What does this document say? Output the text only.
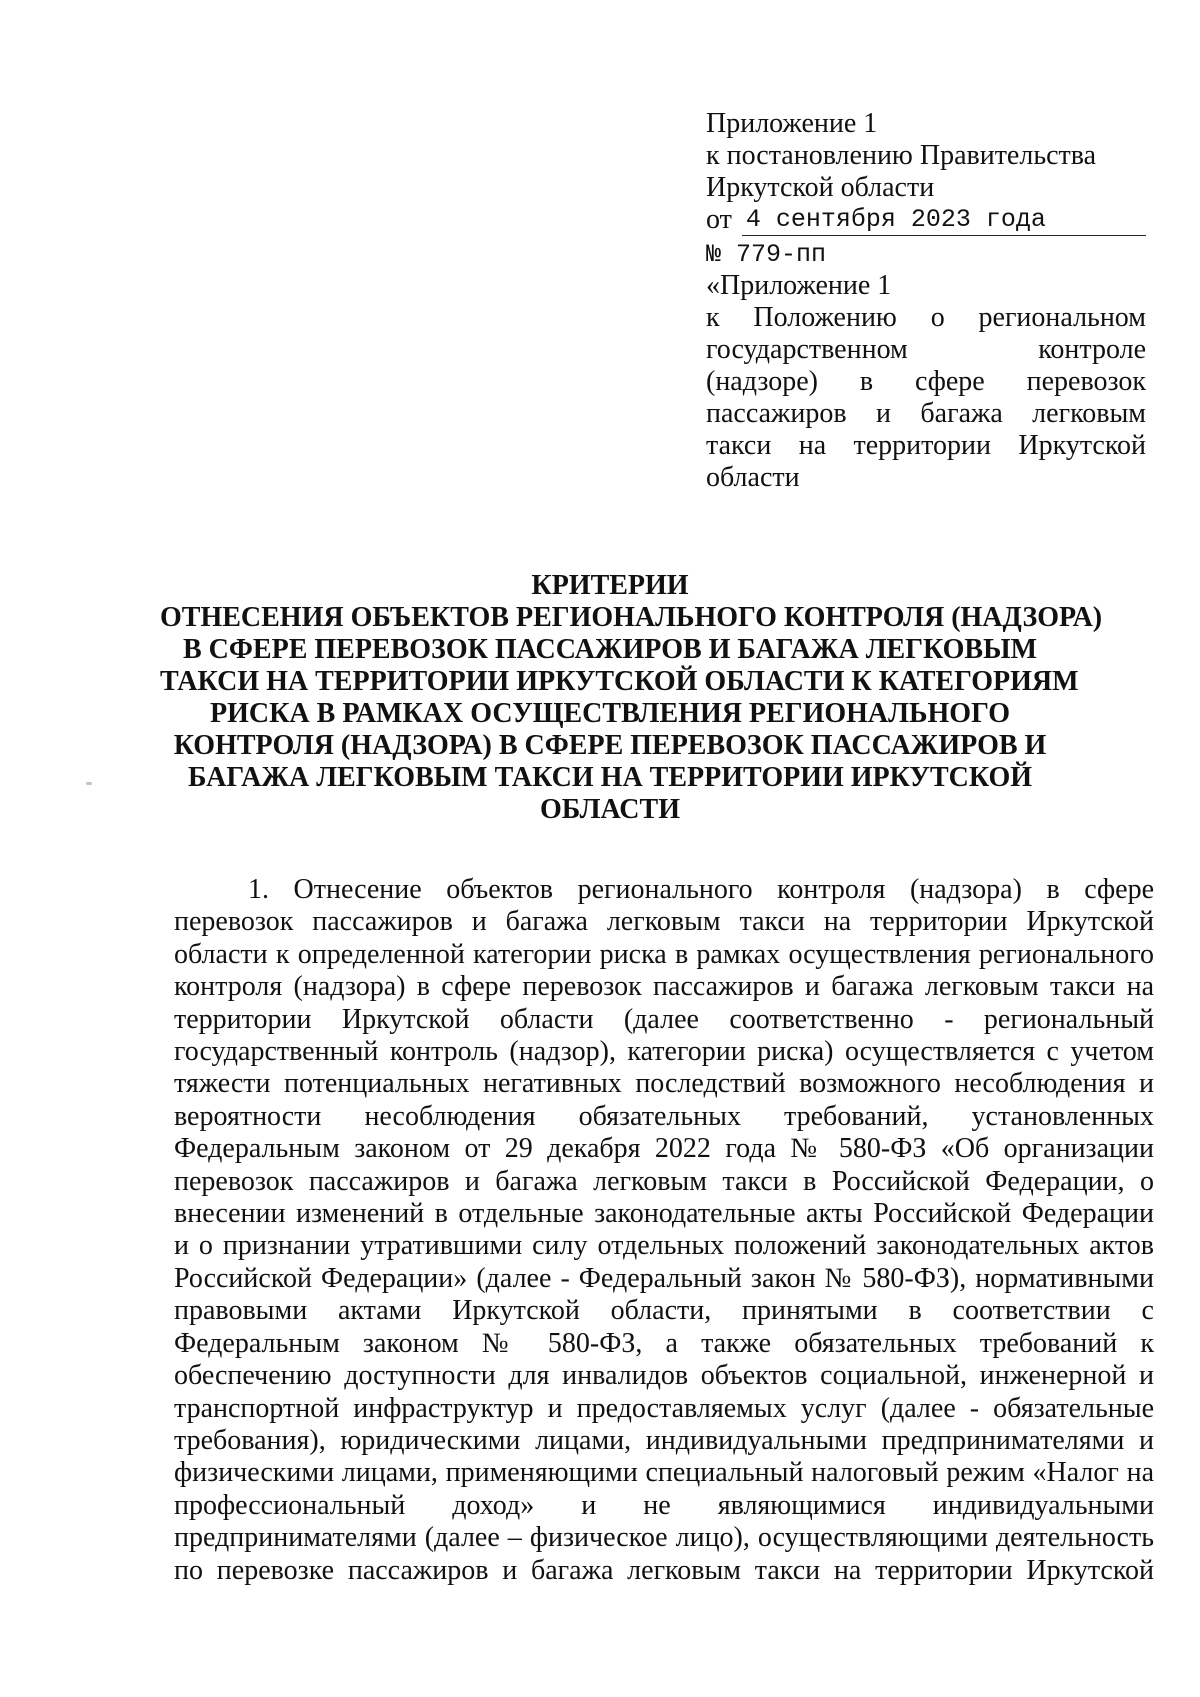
Приложение 1
к постановлению Правительства
Иркутской области
от 4 сентября 2023 года
№ 779-пп
«Приложение 1
к Положению о региональном
государственном контроле
(надзоре) в сфере перевозок
пассажиров и багажа легковым
такси на территории Иркутской
области
КРИТЕРИИ
ОТНЕСЕНИЯ ОБЪЕКТОВ РЕГИОНАЛЬНОГО КОНТРОЛЯ (НАДЗОРА)
В СФЕРЕ ПЕРЕВОЗОК ПАССАЖИРОВ И БАГАЖА ЛЕГКОВЫМ
ТАКСИ НА ТЕРРИТОРИИ ИРКУТСКОЙ ОБЛАСТИ К КАТЕГОРИЯМ
РИСКА В РАМКАХ ОСУЩЕСТВЛЕНИЯ РЕГИОНАЛЬНОГО
КОНТРОЛЯ (НАДЗОРА) В СФЕРЕ ПЕРЕВОЗОК ПАССАЖИРОВ И
БАГАЖА ЛЕГКОВЫМ ТАКСИ НА ТЕРРИТОРИИ ИРКУТСКОЙ
ОБЛАСТИ
1. Отнесение объектов регионального контроля (надзора) в сфере
перевозок пассажиров и багажа легковым такси на территории Иркутской
области к определенной категории риска в рамках осуществления регионального
контроля (надзора) в сфере перевозок пассажиров и багажа легковым такси на
территории Иркутской области (далее соответственно - региональный
государственный контроль (надзор), категории риска) осуществляется с учетом
тяжести потенциальных негативных последствий возможного несоблюдения и
вероятности несоблюдения обязательных требований, установленных
Федеральным законом от 29 декабря 2022 года № 580-ФЗ «Об организации
перевозок пассажиров и багажа легковым такси в Российской Федерации, о
внесении изменений в отдельные законодательные акты Российской Федерации
и о признании утратившими силу отдельных положений законодательных актов
Российской Федерации» (далее - Федеральный закон № 580-ФЗ), нормативными
правовыми актами Иркутской области, принятыми в соответствии с
Федеральным законом № 580-ФЗ, а также обязательных требований к
обеспечению доступности для инвалидов объектов социальной, инженерной и
транспортной инфраструктур и предоставляемых услуг (далее - обязательные
требования), юридическими лицами, индивидуальными предпринимателями и
физическими лицами, применяющими специальный налоговый режим «Налог на
профессиональный доход» и не являющимися индивидуальными
предпринимателями (далее – физическое лицо), осуществляющими деятельность
по перевозке пассажиров и багажа легковым такси на территории Иркутской
